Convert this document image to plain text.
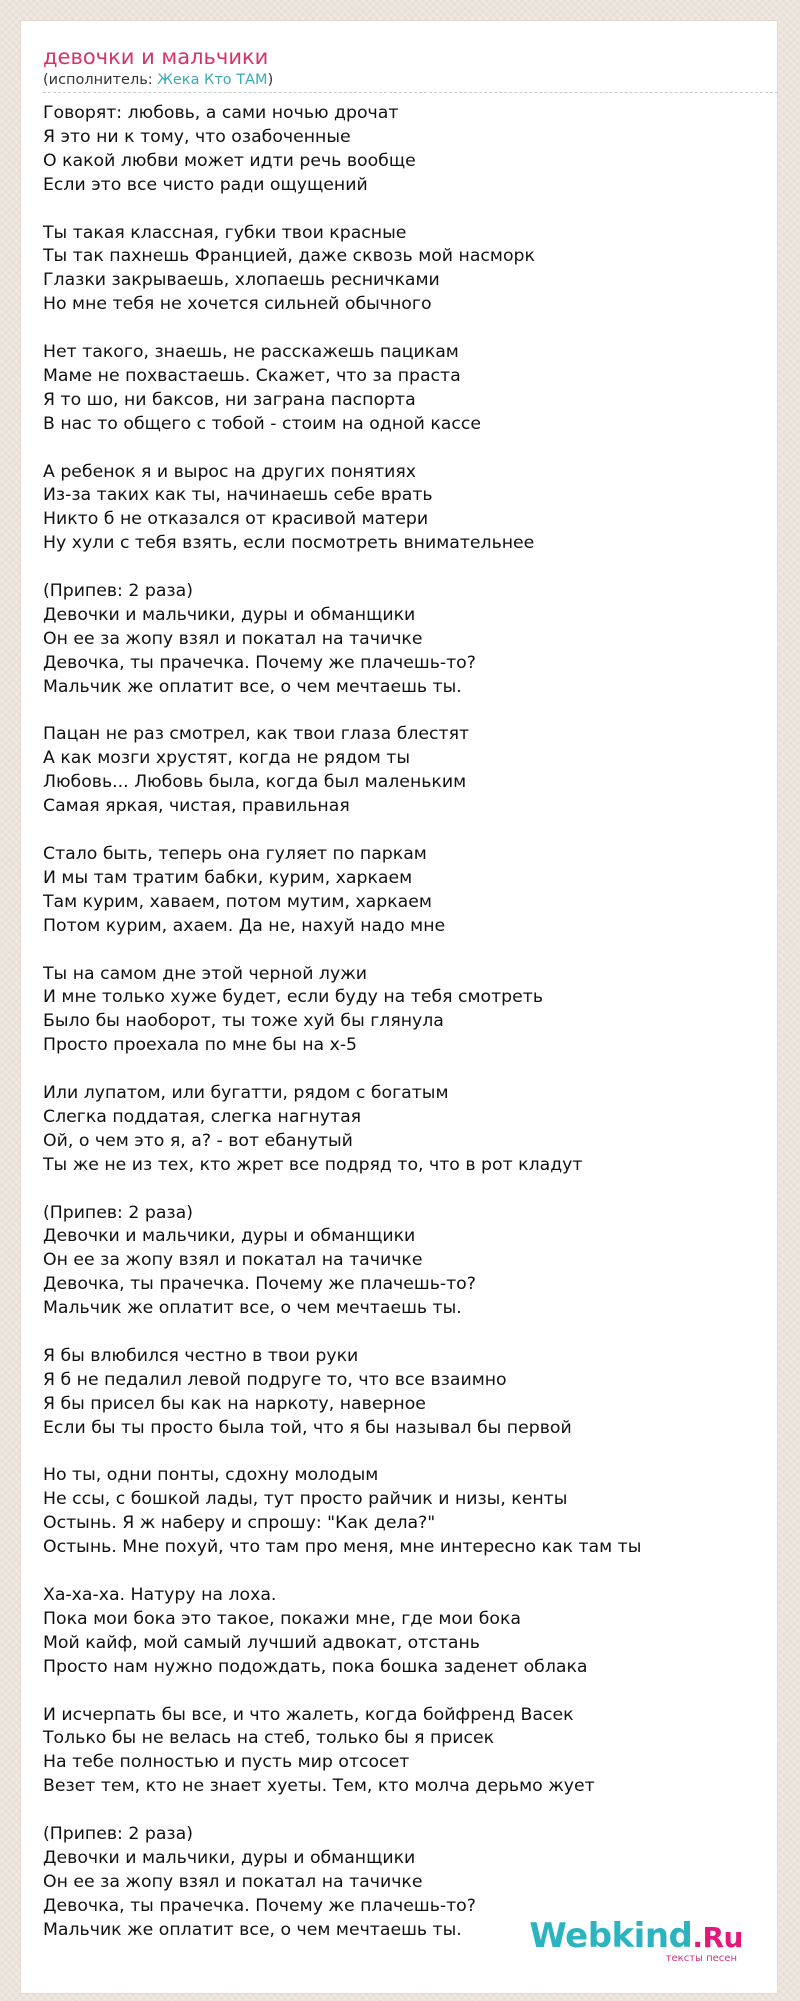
девочки и мальчики
(исполнитель: Жека Кто ТАМ)
Говорят: любовь, а сами ночью дрочат
Я это ни к тому, что озабоченные
О какой любви может идти речь вообще
Если это все чисто ради ощущений
Ты такая классная, губки твои красные
Ты так пахнешь Францией, даже сквозь мой насморк
Глазки закрываешь, хлопаешь ресничками
Но мне тебя не хочется сильней обычного
Нет такого, знаешь, не расскажешь пацикам
Маме не похвастаешь. Скажет, что за праста
Я то шо, ни баксов, ни заграна паспорта
В нас то общего с тобой - стоим на одной кассе
А ребенок я и вырос на других понятиях
Из-за таких как ты, начинаешь себе врать
Никто б не отказался от красивой матери
Ну хули с тебя взять, если посмотреть внимательнее
(Припев: 2 раза)
Девочки и мальчики, дуры и обманщики
Он ее за жопу взял и покатал на тачичке
Девочка, ты прачечка. Почему же плачешь-то?
Мальчик же оплатит все, о чем мечтаешь ты.
Пацан не раз смотрел, как твои глаза блестят
А как мозги хрустят, когда не рядом ты
Любовь... Любовь была, когда был маленьким
Самая яркая, чистая, правильная
Стало быть, теперь она гуляет по паркам
И мы там тратим бабки, курим, харкаем
Там курим, хаваем, потом мутим, харкаем
Потом курим, ахаем. Да не, нахуй надо мне
Ты на самом дне этой черной лужи
И мне только хуже будет, если буду на тебя смотреть
Было бы наоборот, ты тоже хуй бы глянула
Просто проехала по мне бы на х-5
Или лупатом, или бугатти, рядом с богатым
Слегка поддатая, слегка нагнутая
Ой, о чем это я, а? - вот ебанутый
Ты же не из тех, кто жрет все подряд то, что в рот кладут
(Припев: 2 раза)
Девочки и мальчики, дуры и обманщики
Он ее за жопу взял и покатал на тачичке
Девочка, ты прачечка. Почему же плачешь-то?
Мальчик же оплатит все, о чем мечтаешь ты.
Я бы влюбился честно в твои руки
Я б не педалил левой подруге то, что все взаимно
Я бы присел бы как на наркоту, наверное
Если бы ты просто была той, что я бы называл бы первой
Но ты, одни понты, сдохну молодым
Не ссы, с бошкой лады, тут просто райчик и низы, кенты
Остынь. Я ж наберу и спрошу: "Как дела?"
Остынь. Мне похуй, что там про меня, мне интересно как там ты
Ха-ха-ха. Натуру на лоха.
Пока мои бока это такое, покажи мне, где мои бока
Мой кайф, мой самый лучший адвокат, отстань
Просто нам нужно подождать, пока бошка заденет облака
И исчерпать бы все, и что жалеть, когда бойфренд Васек
Только бы не велась на стеб, только бы я присек
На тебе полностью и пусть мир отсосет
Везет тем, кто не знает хуеты. Тем, кто молча дерьмо жует
(Припев: 2 раза)
Девочки и мальчики, дуры и обманщики
Он ее за жопу взял и покатал на тачичке
Девочка, ты прачечка. Почему же плачешь-то?
Мальчик же оплатит все, о чем мечтаешь ты.	Webkind.Ru
тексты песен
